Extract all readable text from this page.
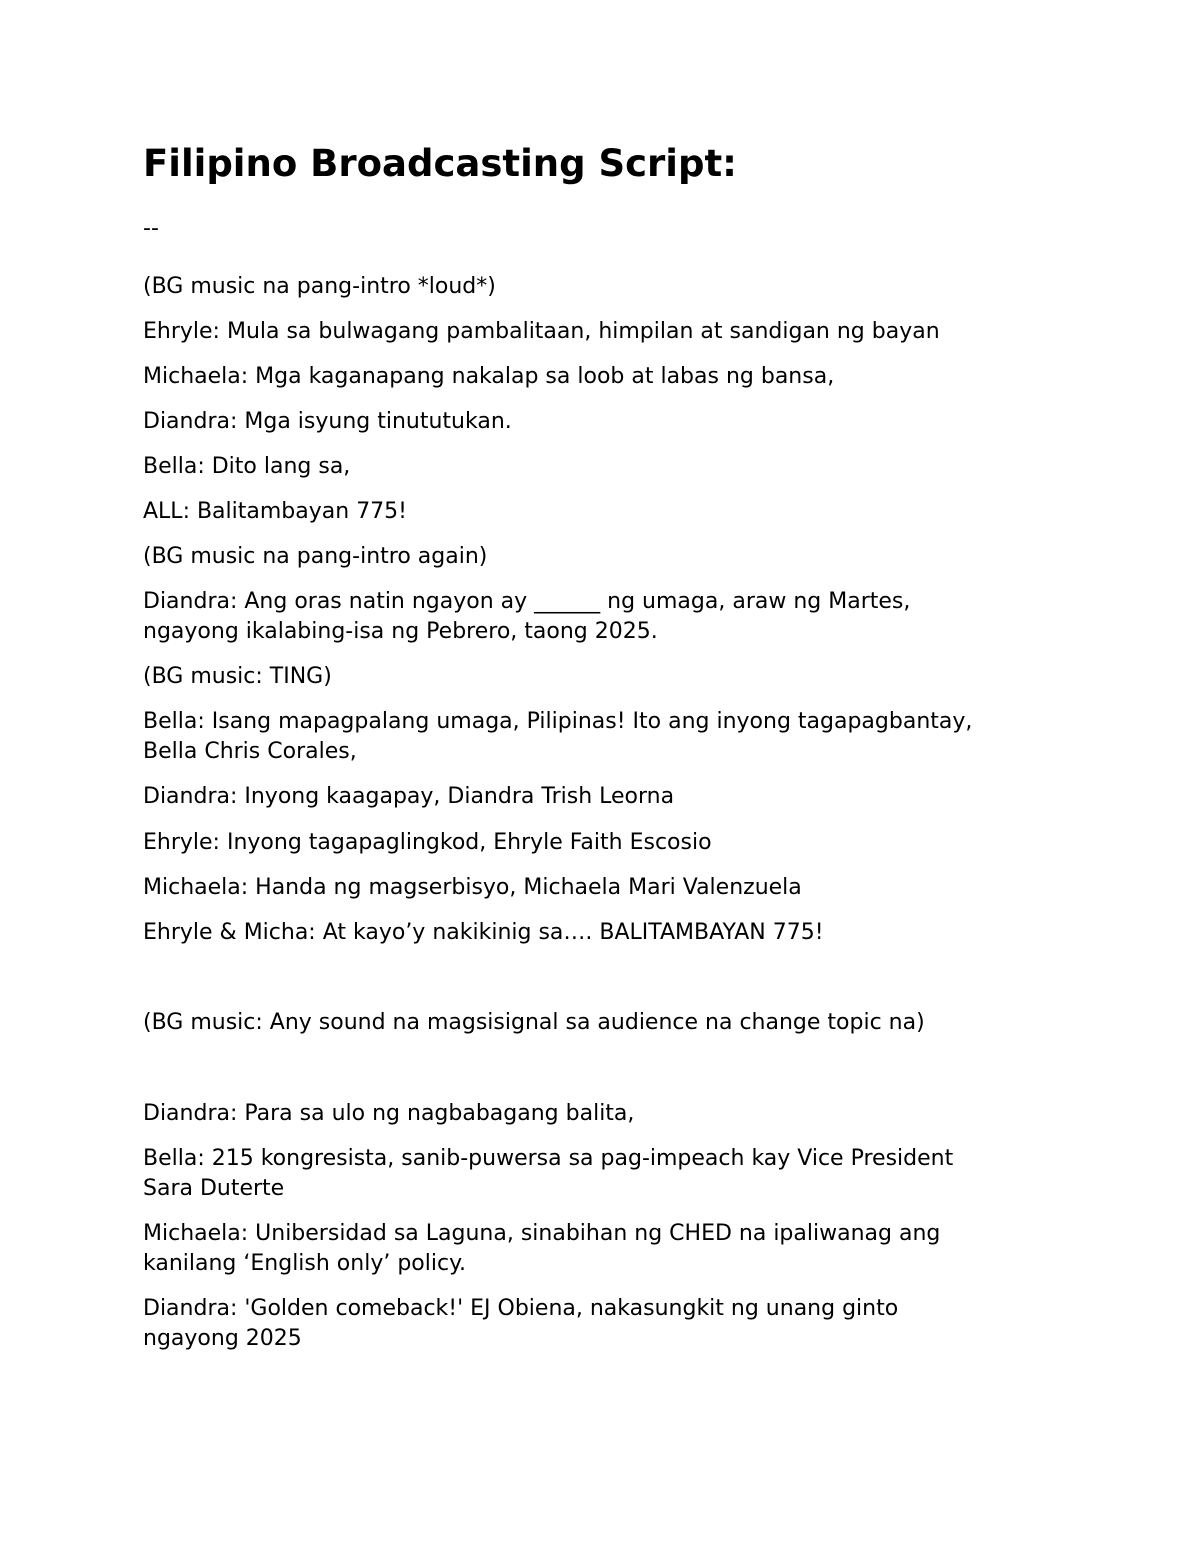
Filipino Broadcasting Script:
--
(BG music na pang-intro *loud*)
Ehryle: Mula sa bulwagang pambalitaan, himpilan at sandigan ng bayan
Michaela: Mga kaganapang nakalap sa loob at labas ng bansa,
Diandra: Mga isyung tinututukan.
Bella: Dito lang sa,
ALL: Balitambayan 775!
(BG music na pang-intro again)
Diandra: Ang oras natin ngayon ay ______ ng umaga, araw ng Martes,
ngayong ikalabing-isa ng Pebrero, taong 2025.
(BG music: TING)
Bella: Isang mapagpalang umaga, Pilipinas! Ito ang inyong tagapagbantay,
Bella Chris Corales,
Diandra: Inyong kaagapay, Diandra Trish Leorna
Ehryle: Inyong tagapaglingkod, Ehryle Faith Escosio
Michaela: Handa ng magserbisyo, Michaela Mari Valenzuela
Ehryle & Micha: At kayo’y nakikinig sa…. BALITAMBAYAN 775!
(BG music: Any sound na magsisignal sa audience na change topic na)
Diandra: Para sa ulo ng nagbabagang balita,
Bella: 215 kongresista, sanib-puwersa sa pag-impeach kay Vice President
Sara Duterte
Michaela: Unibersidad sa Laguna, sinabihan ng CHED na ipaliwanag ang
kanilang ‘English only’ policy.
Diandra: 'Golden comeback!' EJ Obiena, nakasungkit ng unang ginto
ngayong 2025
